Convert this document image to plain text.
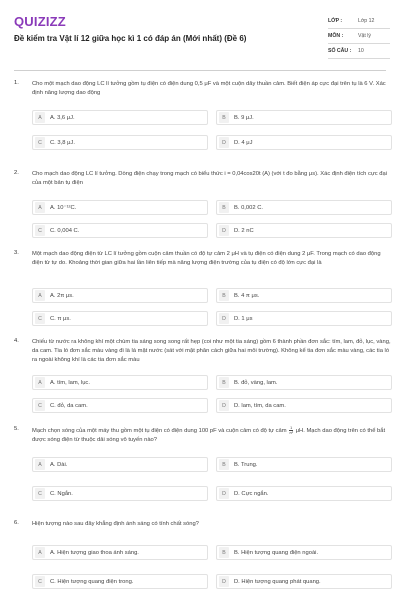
QUIZIZZ
Đề kiểm tra Vật lí 12 giữa học kì 1 có đáp án (Mới nhất) (Đề 6)
LỚP :	Lớp 12
MÔN :	Vật lý
SỐ CÂU :	10
1. Cho một mạch dao động LC lí tưởng gồm tụ điện có điện dung 0,5 μF và một cuộn dây thuần cảm. Biết điện áp cực đại trên tụ là 6 V. Xác định năng lượng dao động
A	A. 3,6 μJ.	B	B. 9 μJ.
C	C. 3,8 μJ.	D	D. 4 μJ
2. Cho mạch dao động LC lí tưởng. Dòng điện chạy trong mạch có biểu thức i = 0,04cos20t (A) (với t đo bằng μs). Xác định điện tích cực đại của một bản tụ điện
A	A. 10⁻¹²C.	B	B. 0,002 C.
C	C. 0,004 C.	D	D. 2 nC
3. Một mạch dao động điện từ LC lí tưởng gồm cuộn cảm thuần có độ tự cảm 2 μH và tụ điện có điện dung 2 μF. Trong mạch có dao động điện từ tự do. Khoảng thời gian giữa hai lần liên tiếp mà năng lượng điện trường của tụ điện có độ lớn cực đại là
A	A. 2π μs.	B	B. 4 π μs.
C	C. π μs.	D	D. 1 μs
4. Chiếu từ nước ra không khí một chùm tia sáng song song rất hẹp (coi như một tia sáng) gồm 6 thành phần đơn sắc: tím, lam, đỏ, lục, vàng, da cam. Tia ló đơn sắc màu vàng đi là lá mặt nước (sát với mặt phân cách giữa hai môi trường). Không kể tia đơn sắc màu vàng, các tia ló ra ngoài không khí là các tia đơn sắc màu
A	A. tím, lam, lục.	B	B. đỏ, vàng, lam.
C	C. đỏ, da cam.	D	D. lam, tím, da cam.
5. Mạch chọn sóng của một máy thu gồm một tụ điện có điện dung 100 pF và cuộn cảm có độ tự cảm $\frac{1}{\text{π²}} \mu H$. Mạch dao động trên có thể bắt được sóng điện từ thuộc dải sóng vô tuyến nào?
A	A. Dài.	B	B. Trung.
C	C. Ngắn.	D	D. Cực ngắn.
6. Hiện tượng nào sau đây khẳng định ánh sáng có tính chất sóng?
A	A. Hiện tượng giao thoa ánh sáng.	B	B. Hiện tượng quang điện ngoài.
C	C. Hiện tượng quang điện trong.	D	D. Hiện tượng quang phát quang.
